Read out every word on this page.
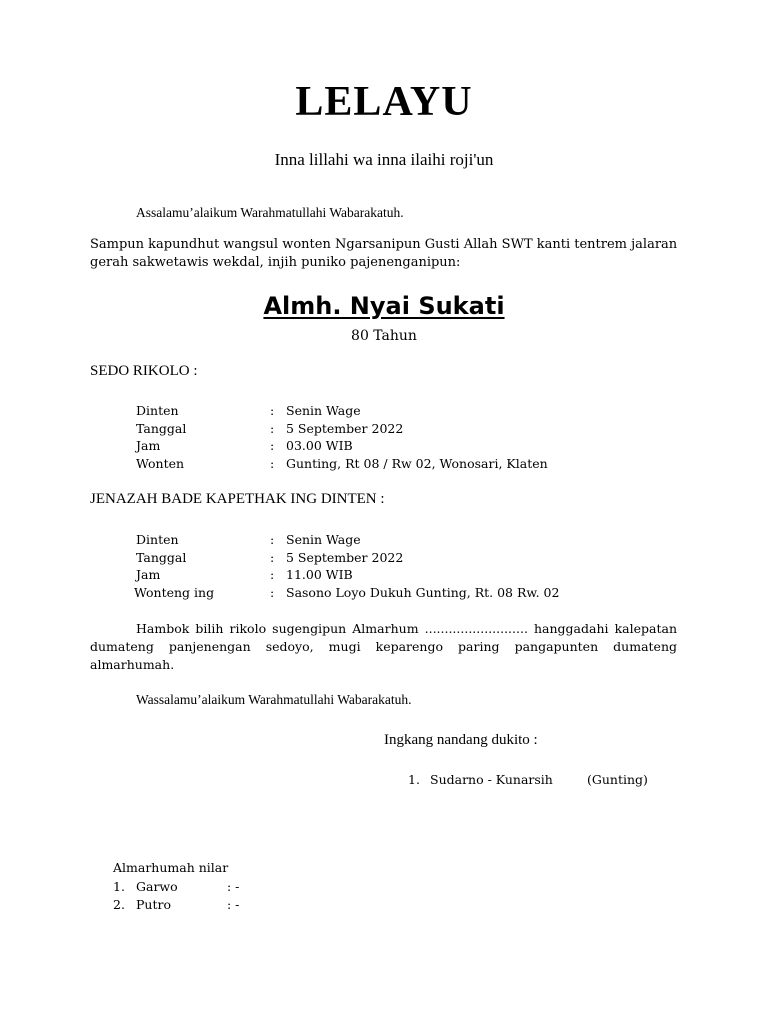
LELAYU
Inna lillahi wa inna ilaihi roji'un
Assalamu’alaikum Warahmatullahi Wabarakatuh.
Sampun kapundhut wangsul wonten Ngarsanipun Gusti Allah SWT kanti tentrem jalaran
gerah sakwetawis wekdal, injih puniko pajenenganipun:
Almh. Nyai Sukati
80 Tahun
SEDO RIKOLO :
Dinten	: Senin Wage
Tanggal	: 5 September 2022
Jam	: 03.00 WIB
Wonten	: Gunting, Rt 08 / Rw 02, Wonosari, Klaten
JENAZAH BADE KAPETHAK ING DINTEN :
Dinten	: Senin Wage
Tanggal	: 5 September 2022
Jam	: 11.00 WIB
Wonteng ing	: Sasono Loyo Dukuh Gunting, Rt. 08 Rw. 02
Hambok bilih rikolo sugengipun Almarhum .......................... hanggadahi kalepatan dumateng panjenengan sedoyo, mugi keparengo paring pangapunten dumateng almarhumah.
Wassalamu’alaikum Warahmatullahi Wabarakatuh.
Ingkang nandang dukito :
1. Sudarno - Kunarsih	(Gunting)
Almarhumah nilar
1. Garwo	: -
2. Putro	: -
